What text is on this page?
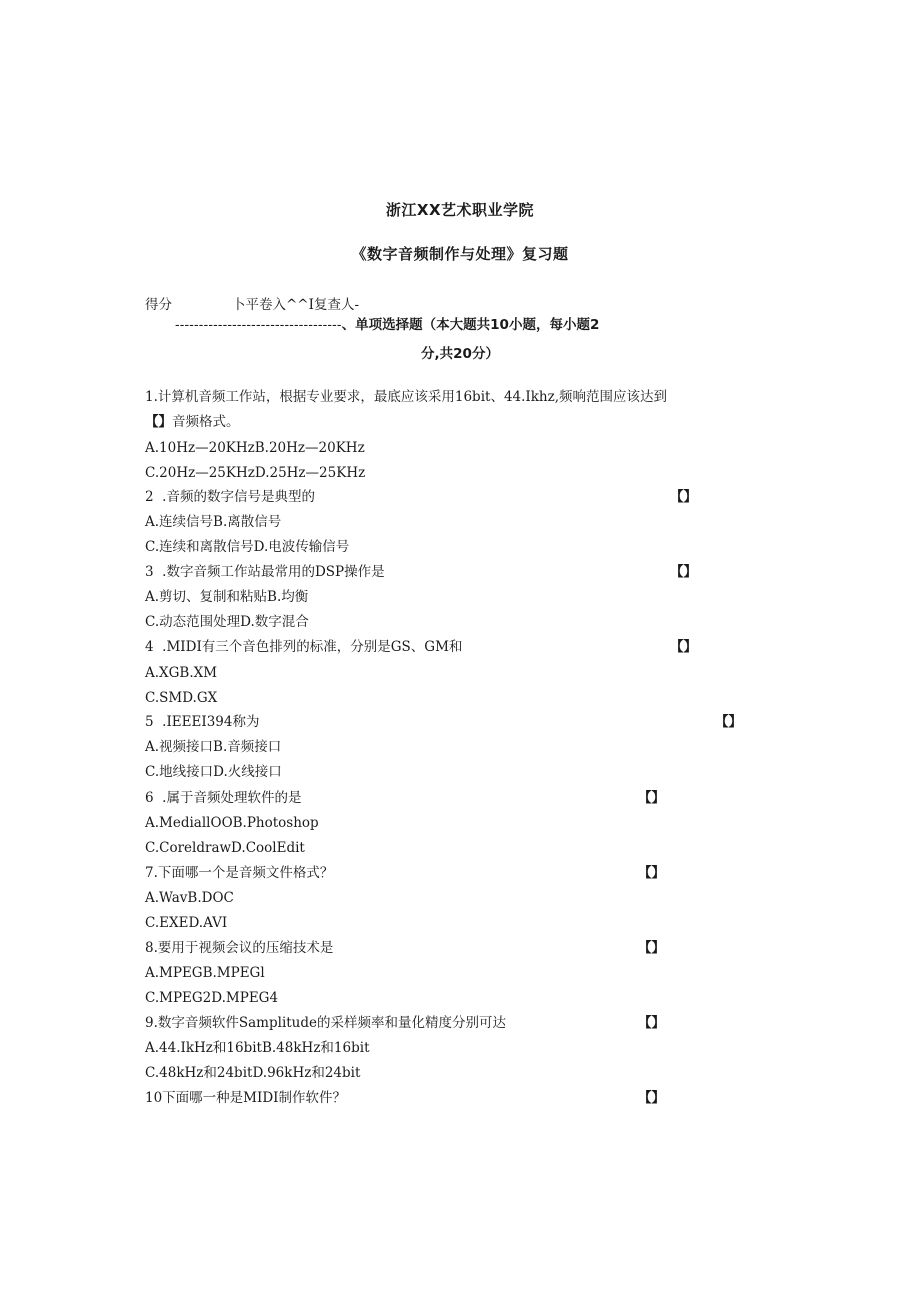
浙江XX艺术职业学院
《数字音频制作与处理》复习题
得分	卜平卷入^^I复查人‐
-----------------------------------、单项选择题（本大题共10小题，每小题2
分,共20分）
1.计算机音频工作站，根据专业要求，最底应该采用16bit、44.Ikhz,频响范围应该达到
【】音频格式。
A.10Hz—20KHzB.20Hz—20KHz
C.20Hz—25KHzD.25Hz—25KHz
2  .音频的数字信号是典型的	【】
A.连续信号B.离散信号
C.连续和离散信号D.电波传输信号
3  .数字音频工作站最常用的DSP操作是	【】
A.剪切、复制和粘贴B.均衡
C.动态范围处理D.数字混合
4  .MIDI有三个音色排列的标准，分别是GS、GM和	【】
A.XGB.XM
C.SMD.GX
5  .IEEEI394称为	【】
A.视频接口B.音频接口
C.地线接口D.火线接口
6  .属于音频处理软件的是	【】
A.MediallOOB.Photoshop
C.CoreldrawD.CoolEdit
7.下面哪一个是音频文件格式？	【】
A.WavB.DOC
C.EXED.AVI
8.要用于视频会议的压缩技术是	【】
A.MPEGB.MPEGl
C.MPEG2D.MPEG4
9.数字音频软件Samplitude的采样频率和量化精度分别可达	【】
A.44.IkHz和16bitB.48kHz和16bit
C.48kHz和24bitD.96kHz和24bit
10下面哪一种是MIDI制作软件？	【】
